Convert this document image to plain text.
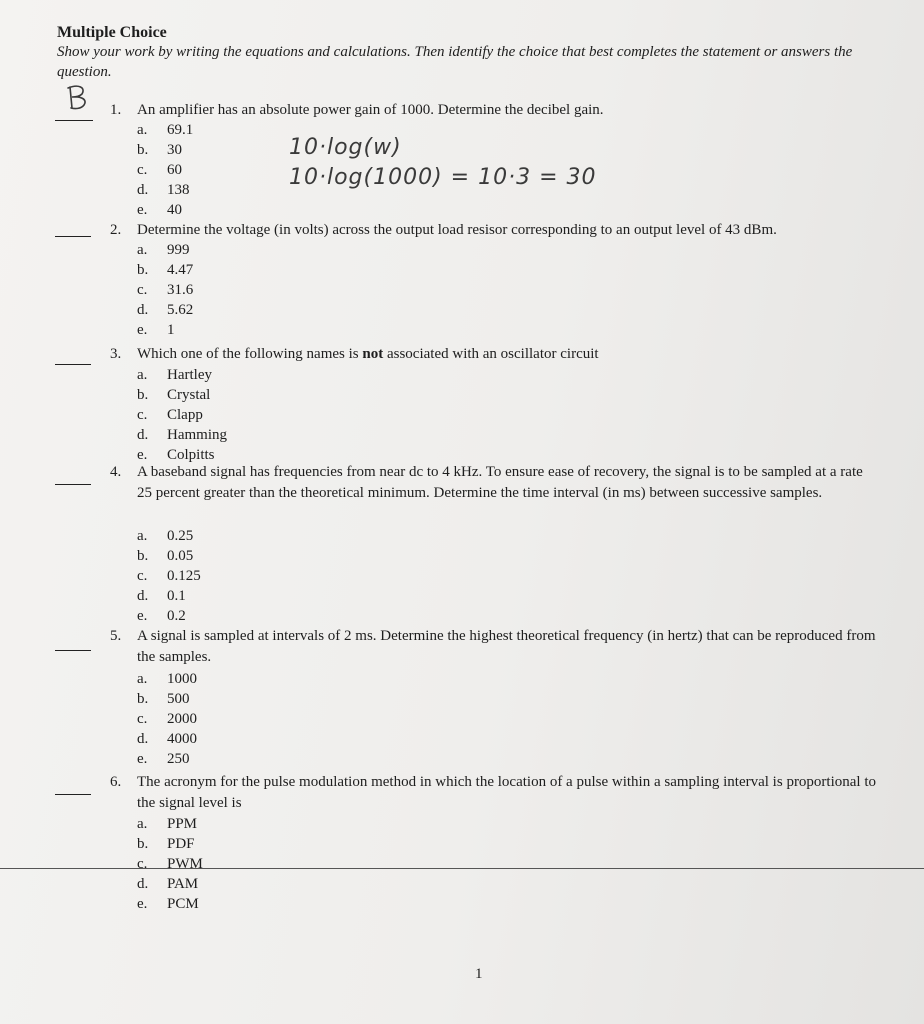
Multiple Choice
Show your work by writing the equations and calculations. Then identify the choice that best completes the statement or answers the question.
1. An amplifier has an absolute power gain of 1000. Determine the decibel gain.
a. 69.1
b. 30
c. 60
d. 138
e. 40
10·log(w)
10·log(1000) = 10·3 = 30
2. Determine the voltage (in volts) across the output load resisor corresponding to an output level of 43 dBm.
a. 999
b. 4.47
c. 31.6
d. 5.62
e. 1
3. Which one of the following names is not associated with an oscillator circuit
a. Hartley
b. Crystal
c. Clapp
d. Hamming
e. Colpitts
4. A baseband signal has frequencies from near dc to 4 kHz. To ensure ease of recovery, the signal is to be sampled at a rate 25 percent greater than the theoretical minimum. Determine the time interval (in ms) between successive samples.
a. 0.25
b. 0.05
c. 0.125
d. 0.1
e. 0.2
5. A signal is sampled at intervals of 2 ms. Determine the highest theoretical frequency (in hertz) that can be reproduced from the samples.
a. 1000
b. 500
c. 2000
d. 4000
e. 250
6. The acronym for the pulse modulation method in which the location of a pulse within a sampling interval is proportional to the signal level is
a. PPM
b. PDF
c. PWM
d. PAM
e. PCM
1
